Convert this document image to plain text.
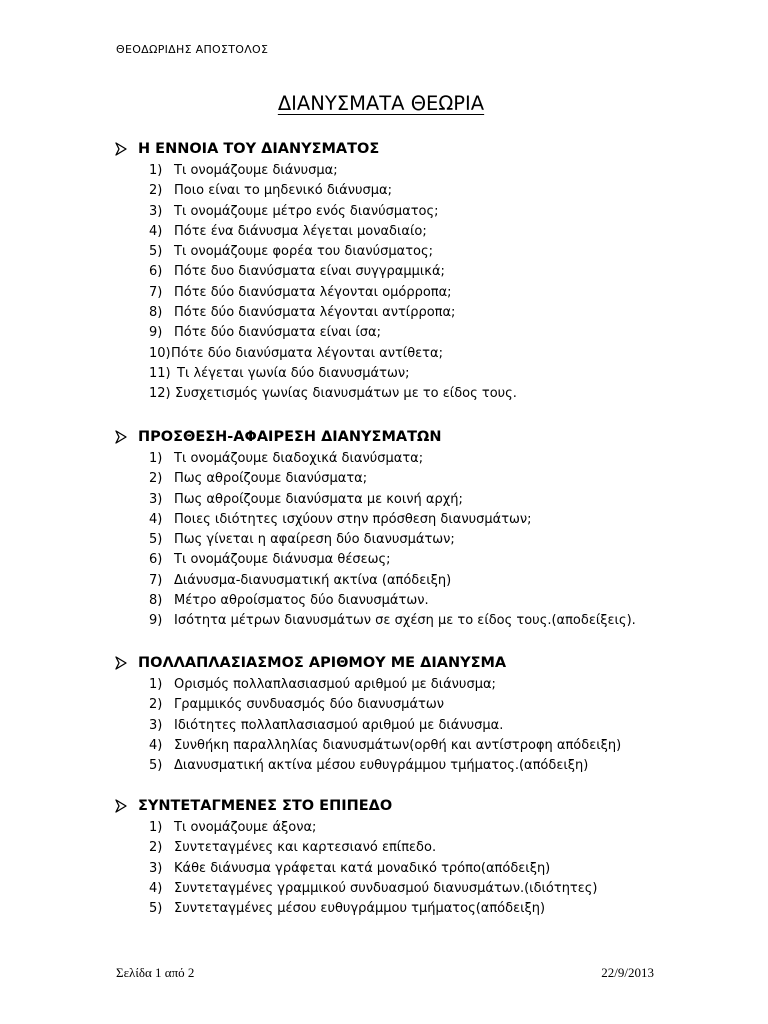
ΘΕΟΔΩΡΙΔΗΣ ΑΠΟΣΤΟΛΟΣ
ΔΙΑΝΥΣΜΑΤΑ ΘΕΩΡΙΑ
Η ΕΝΝΟΙΑ ΤΟΥ ΔΙΑΝΥΣΜΑΤΟΣ
1) Τι ονομάζουμε διάνυσμα;
2) Ποιο είναι το μηδενικό διάνυσμα;
3) Τι ονομάζουμε μέτρο ενός διανύσματος;
4) Πότε ένα διάνυσμα λέγεται μοναδιαίο;
5) Τι ονομάζουμε φορέα του διανύσματος;
6) Πότε δυο διανύσματα είναι συγγραμμικά;
7) Πότε δύο διανύσματα λέγονται ομόρροπα;
8) Πότε δύο διανύσματα λέγονται αντίρροπα;
9) Πότε δύο διανύσματα είναι ίσα;
10) Πότε δύο διανύσματα λέγονται αντίθετα;
11) Τι λέγεται γωνία δύο διανυσμάτων;
12) Συσχετισμός γωνίας διανυσμάτων με το είδος τους.
ΠΡΟΣΘΕΣΗ-ΑΦΑΙΡΕΣΗ ΔΙΑΝΥΣΜΑΤΩΝ
1) Τι ονομάζουμε διαδοχικά διανύσματα;
2) Πως αθροίζουμε διανύσματα;
3) Πως αθροίζουμε διανύσματα με κοινή αρχή;
4) Ποιες ιδιότητες ισχύουν στην πρόσθεση διανυσμάτων;
5) Πως γίνεται η αφαίρεση δύο διανυσμάτων;
6) Τι ονομάζουμε διάνυσμα θέσεως;
7) Διάνυσμα-διανυσματική ακτίνα (απόδειξη)
8) Μέτρο αθροίσματος δύο διανυσμάτων.
9) Ισότητα μέτρων διανυσμάτων σε σχέση με το είδος τους.(αποδείξεις).
ΠΟΛΛΑΠΛΑΣΙΑΣΜΟΣ ΑΡΙΘΜΟΥ ΜΕ ΔΙΑΝΥΣΜΑ
1) Ορισμός πολλαπλασιασμού αριθμού με διάνυσμα;
2) Γραμμικός συνδυασμός δύο διανυσμάτων
3) Ιδιότητες πολλαπλασιασμού αριθμού με διάνυσμα.
4) Συνθήκη παραλληλίας διανυσμάτων(ορθή και αντίστροφη απόδειξη)
5) Διανυσματική ακτίνα μέσου ευθυγράμμου τμήματος.(απόδειξη)
ΣΥΝΤΕΤΑΓΜΕΝΕΣ ΣΤΟ ΕΠΙΠΕΔΟ
1) Τι ονομάζουμε άξονα;
2) Συντεταγμένες και καρτεσιανό επίπεδο.
3) Κάθε διάνυσμα γράφεται κατά μοναδικό τρόπο(απόδειξη)
4) Συντεταγμένες γραμμικού συνδυασμού διανυσμάτων.(ιδιότητες)
5) Συντεταγμένες μέσου ευθυγράμμου τμήματος(απόδειξη)
Σελίδα 1 από 2	22/9/2013
